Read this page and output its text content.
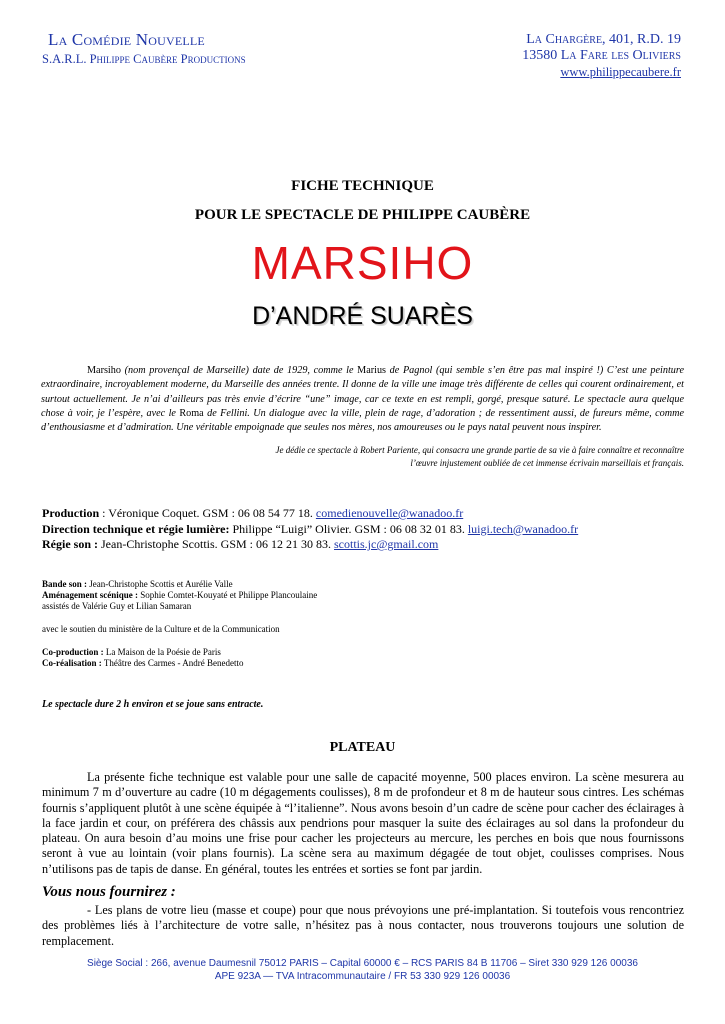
La Comédie Nouvelle
S.A.R.L. Philippe Caubère Productions
La Chargère, 401, R.D. 19
13580 La Fare les Oliviers
www.philippecaubere.fr
FICHE TECHNIQUE
POUR LE SPECTACLE DE PHILIPPE CAUBÈRE
MARSIHO
D’ANDRÉ SUARÈS

Marsiho (nom provençal de Marseille) date de 1929, comme le Marius de Pagnol (qui semble s’en être pas mal inspiré !) C’est une peinture extraordinaire, incroyablement moderne, du Marseille des années trente. Il donne de la ville une image très différente de celles qui courent ordinairement, et surtout actuellement. Je n’ai d’ailleurs pas très envie d’écrire “une” image, car ce texte en est rempli, gorgé, presque saturé. Le spectacle aura quelque chose à voir, je l’espère, avec le Roma de Fellini. Un dialogue avec la ville, plein de rage, d’adoration ; de ressentiment aussi, de fureurs même, comme d’enthousiasme et d’admiration. Une véritable empoignade que seules nos mères, nos amoureuses ou le pays natal peuvent nous inspirer.

Je dédie ce spectacle à Robert Pariente, qui consacra une grande partie de sa vie à faire connaître et reconnaître
l’œuvre injustement oubliée de cet immense écrivain marseillais et français.
Production : Véronique Coquet. GSM : 06 08 54 77 18. comedienouvelle@wanadoo.fr
Direction technique et régie lumière: Philippe “Luigi” Olivier. GSM : 06 08 32 01 83. luigi.tech@wanadoo.fr
Régie son : Jean-Christophe Scottis. GSM : 06 12 21 30 83. scottis.jc@gmail.com
Bande son : Jean-Christophe Scottis et Aurélie Valle
Aménagement scénique : Sophie Comtet-Kouyaté et Philippe Plancoulaine
assistés de Valérie Guy et Lilian Samaran
avec le soutien du ministère de la Culture et de la Communication
Co-production : La Maison de la Poésie de Paris
Co-réalisation : Théâtre des Carmes - André Benedetto
Le spectacle dure 2 h environ et se joue sans entracte.
PLATEAU

La présente fiche technique est valable pour une salle de capacité moyenne, 500 places environ. La scène mesurera au minimum 7 m d’ouverture au cadre (10 m dégagements coulisses), 8 m de profondeur et 8 m de hauteur sous cintres. Les schémas fournis s’appliquent plutôt à une scène équipée à “l’italienne”. Nous avons besoin d’un cadre de scène pour cacher des éclairages à la face jardin et cour, on préférera des châssis aux pendrions pour masquer la suite des éclairages au sol dans la profondeur du plateau. On aura besoin d’au moins une frise pour cacher les projecteurs au mercure, les perches en bois que nous fournissons seront à vue au lointain (voir plans fournis). La scène sera au maximum dégagée de tout objet, coulisses comprises. Nous n’utilisons pas de tapis de danse. En général, toutes les entrées et sorties se font par jardin.

Vous nous fournirez :

- Les plans de votre lieu (masse et coupe) pour que nous prévoyions une pré-implantation. Si toutefois vous rencontriez des problèmes liés à l’architecture de votre salle, n’hésitez pas à nous contacter, nous trouverons toujours une solution de remplacement.

Siège Social : 266, avenue Daumesnil 75012 PARIS – Capital 60000 € – RCS PARIS 84 B 11706 – Siret 330 929 126 00036
APE 923A — TVA Intracommunautaire / FR 53 330 929 126 00036
